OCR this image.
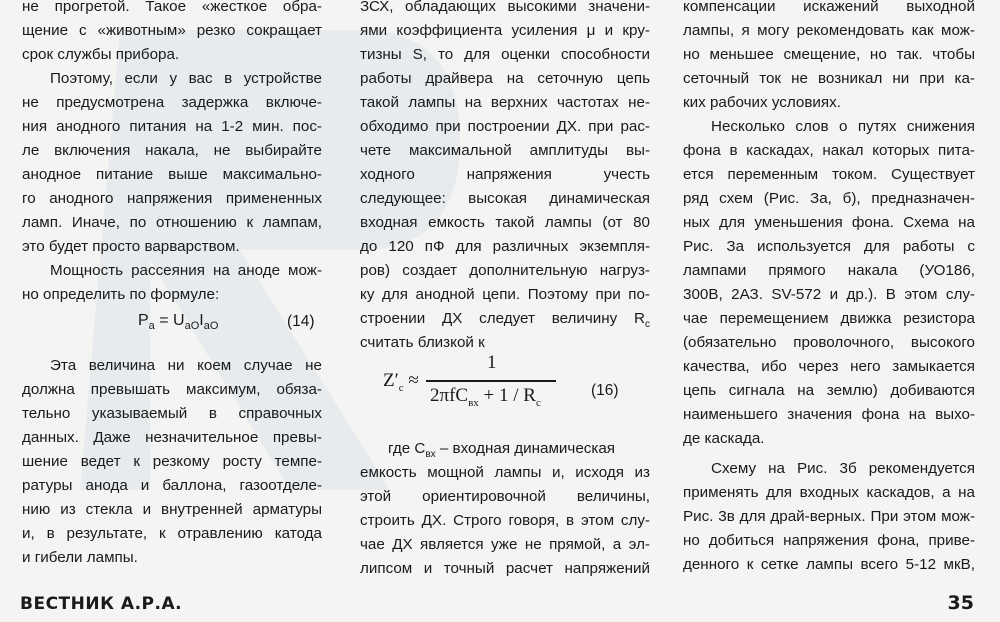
не прогретой. Такое «жесткое обра-
щение с «животным» резко сокращает
срок службы прибора.
Поэтому, если у вас в устройстве
не предусмотрена задержка включе-
ния анодного питания на 1-2 мин. пос-
ле включения накала, не выбирайте
анодное питание выше максимально-
го анодного напряжения примененных
ламп. Иначе, по отношению к лампам,
это будет просто варварством.
Мощность рассеяния на аноде мож-
но определить по формуле:
Эта величина ни коем случае не
должна превышать максимум, обяза-
тельно указываемый в справочных
данных. Даже незначительное превы-
шение ведет к резкому росту темпе-
ратуры анода и баллона, газоотделе-
нию из стекла и внутренней арматуры
и, в результате, к отравлению катода
и гибели лампы.
ЗСХ, обладающих высокими значени-
ями коэффициента усиления μ и кру-
тизны S, то для оценки способности
работы драйвера на сеточную цепь
такой лампы на верхних частотах не-
обходимо при построении ДХ. при рас-
чете максимальной амплитуды вы-
ходного напряжения учесть
следующее: высокая динамическая
входная емкость такой лампы (от 80
до 120 пФ для различных экземпля-
ров) создает дополнительную нагруз-
ку для анодной цепи. Поэтому при по-
строении ДХ следует величину $R_c$
считать близкой к
где $С_{вх}$ – входная динамическая
емкость мощной лампы и, исходя из
этой ориентировочной величины,
строить ДХ. Строго говоря, в этом слу-
чае ДХ является уже не прямой, а эл-
липсом и точный расчет напряжений
компенсации искажений выходной
лампы, я могу рекомендовать как мож-
но меньшее смещение, но так. чтобы
сеточный ток не возникал ни при ка-
ких рабочих условиях.
Несколько слов о путях снижения
фона в каскадах, накал которых пита-
ется переменным током. Существует
ряд схем (Рис. За, б), предназначен-
ных для уменьшения фона. Схема на
Рис. За используется для работы с
лампами прямого накала (УО186,
300В, 2АЗ. SV-572 и др.). В этом слу-
чае перемещением движка резистора
(обязательно проволочного, высокого
качества, ибо через него замыкается
цепь сигнала на землю) добиваются
наименьшего значения фона на выхо-
де каскада.
Схему на Рис. 3б рекомендуется
применять для входных каскадов, а на
Рис. 3в для драй-верных. При этом мож-
но добиться напряжения фона, приве-
денного к сетке лампы всего 5-12 мкВ,
$P_a = U_{aO}I_{aO}$	(14)
$Z'_c$ ≈
1
$2\pi fC_{вх} + 1 / R_c$
(16)
ВЕСТНИК А.Р.А.	35
